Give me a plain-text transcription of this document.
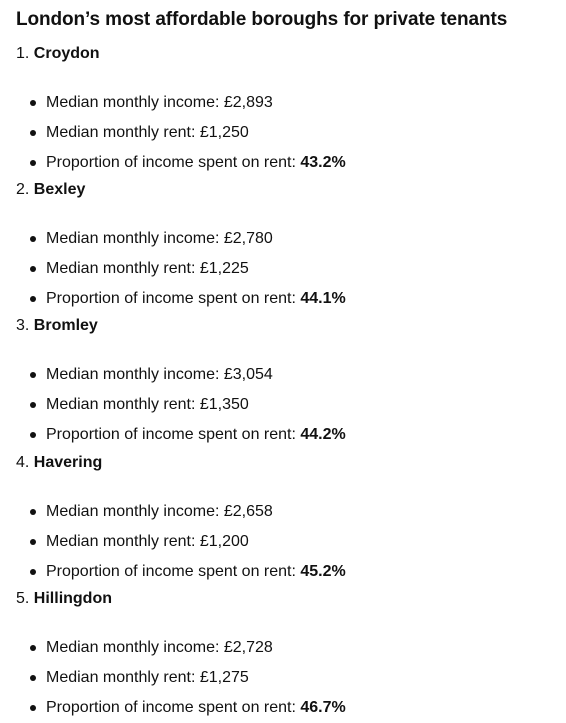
London’s most affordable boroughs for private tenants

1. Croydon

Median monthly income: £2,893
Median monthly rent: £1,250
Proportion of income spent on rent: 43.2%

2. Bexley

Median monthly income: £2,780
Median monthly rent: £1,225
Proportion of income spent on rent: 44.1%

3. Bromley

Median monthly income: £3,054
Median monthly rent: £1,350
Proportion of income spent on rent: 44.2%

4. Havering

Median monthly income: £2,658
Median monthly rent: £1,200
Proportion of income spent on rent: 45.2%

5. Hillingdon

Median monthly income: £2,728
Median monthly rent: £1,275
Proportion of income spent on rent: 46.7%
